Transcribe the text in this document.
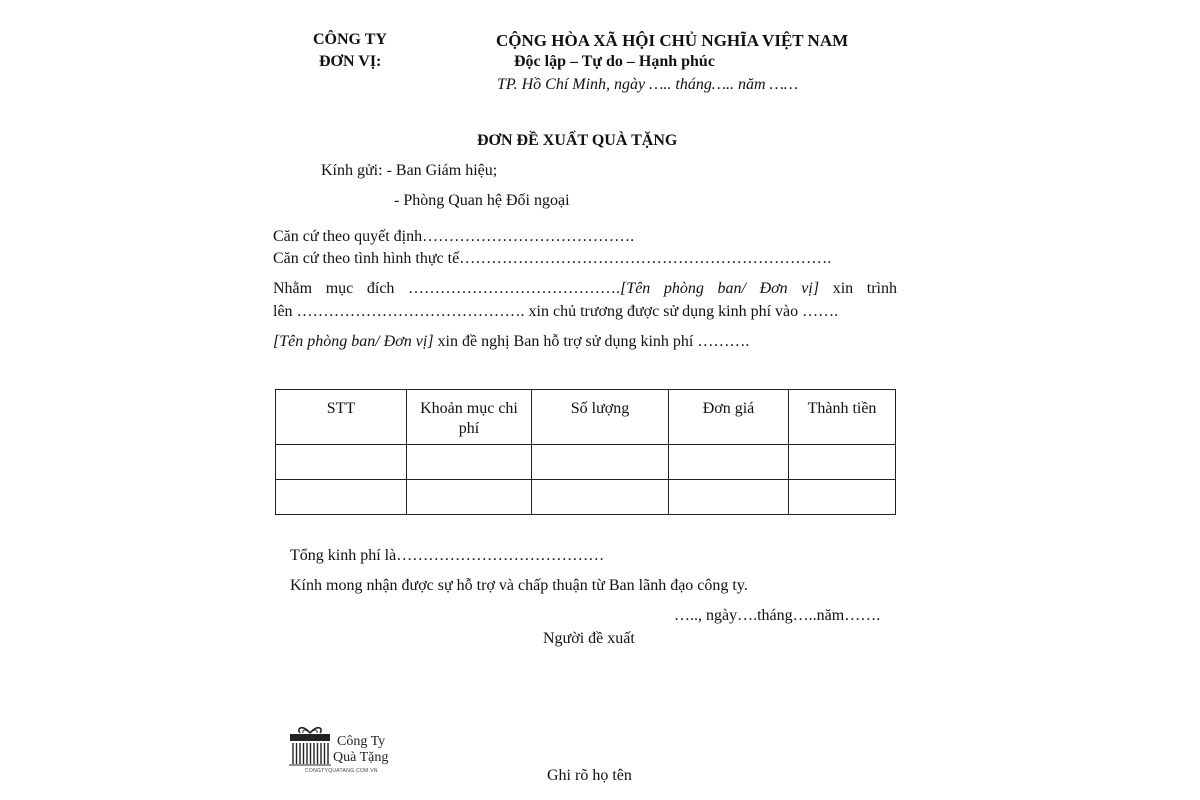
CÔNG TY
ĐƠN VỊ:
CỘNG HÒA XÃ HỘI CHỦ NGHĨA VIỆT NAM
Độc lập – Tự do – Hạnh phúc
TP. Hồ Chí Minh, ngày ….. tháng….. năm ……
ĐƠN ĐỀ XUẤT QUÀ TẶNG
Kính gửi: - Ban Giám hiệu;
- Phòng Quan hệ Đối ngoại
Căn cứ theo quyết định………………………………….
Căn cứ theo tình hình thực tế…………………………………………………………….
Nhằm mục đích ………………………………….[Tên phòng ban/ Đơn vị] xin trình
lên ……………………………………. xin chủ trương được sử dụng kinh phí vào …….
[Tên phòng ban/ Đơn vị] xin đề nghị Ban hỗ trợ sử dụng kinh phí ……….
STT	Khoản mục chi phí	Số lượng	Đơn giá	Thành tiền

Tổng kinh phí là…………………………………
Kính mong nhận được sự hỗ trợ và chấp thuận từ Ban lãnh đạo công ty.
….., ngày….tháng…..năm…….
Người đề xuất
Ghi rõ họ tên
Công Ty
Quà Tặng
CONGTYQUATANG.COM.VN
